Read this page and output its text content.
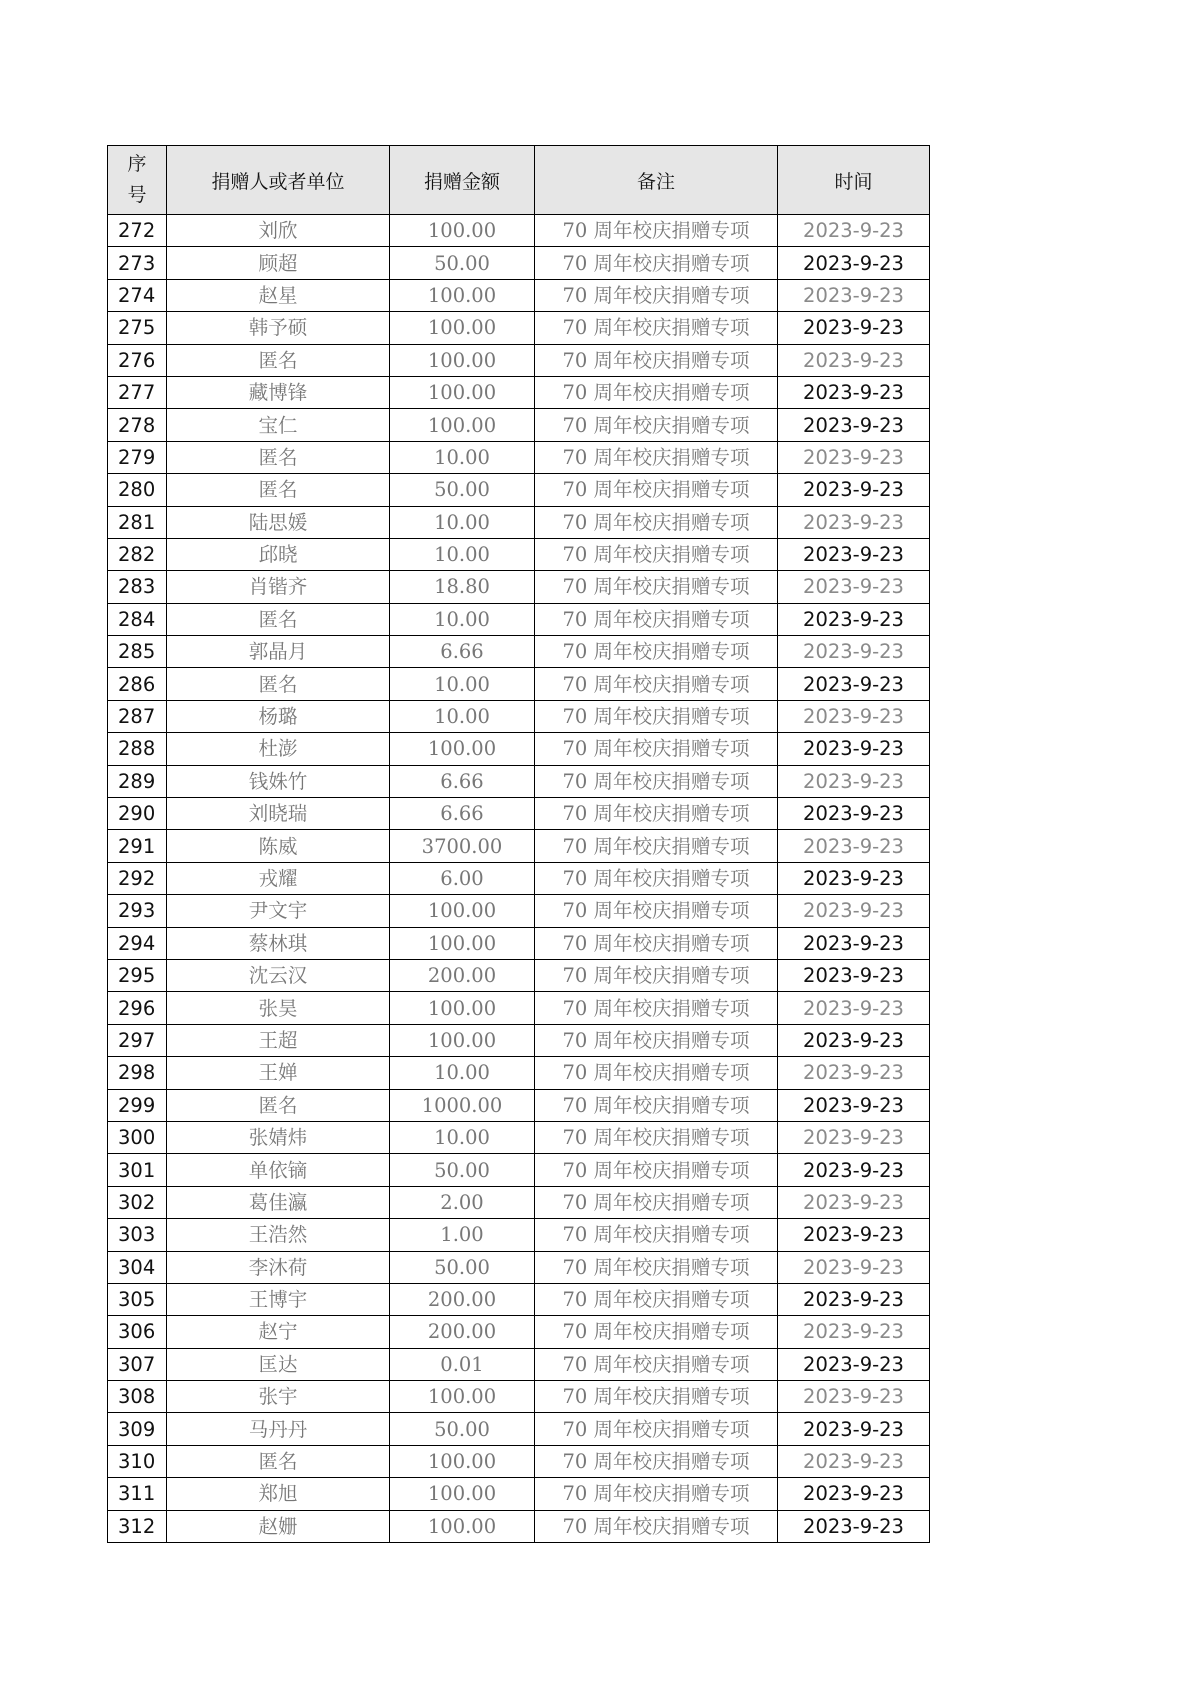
序
号	捐赠人或者单位	捐赠金额	备注	时间
272	刘欣	100.00	70 周年校庆捐赠专项	2023-9-23
273	顾超	50.00	70 周年校庆捐赠专项	2023-9-23
274	赵星	100.00	70 周年校庆捐赠专项	2023-9-23
275	韩予硕	100.00	70 周年校庆捐赠专项	2023-9-23
276	匿名	100.00	70 周年校庆捐赠专项	2023-9-23
277	藏博锋	100.00	70 周年校庆捐赠专项	2023-9-23
278	宝仁	100.00	70 周年校庆捐赠专项	2023-9-23
279	匿名	10.00	70 周年校庆捐赠专项	2023-9-23
280	匿名	50.00	70 周年校庆捐赠专项	2023-9-23
281	陆思媛	10.00	70 周年校庆捐赠专项	2023-9-23
282	邱晓	10.00	70 周年校庆捐赠专项	2023-9-23
283	肖锴齐	18.80	70 周年校庆捐赠专项	2023-9-23
284	匿名	10.00	70 周年校庆捐赠专项	2023-9-23
285	郭晶月	6.66	70 周年校庆捐赠专项	2023-9-23
286	匿名	10.00	70 周年校庆捐赠专项	2023-9-23
287	杨璐	10.00	70 周年校庆捐赠专项	2023-9-23
288	杜澎	100.00	70 周年校庆捐赠专项	2023-9-23
289	钱姝竹	6.66	70 周年校庆捐赠专项	2023-9-23
290	刘晓瑞	6.66	70 周年校庆捐赠专项	2023-9-23
291	陈威	3700.00	70 周年校庆捐赠专项	2023-9-23
292	戎耀	6.00	70 周年校庆捐赠专项	2023-9-23
293	尹文宇	100.00	70 周年校庆捐赠专项	2023-9-23
294	蔡林琪	100.00	70 周年校庆捐赠专项	2023-9-23
295	沈云汉	200.00	70 周年校庆捐赠专项	2023-9-23
296	张昊	100.00	70 周年校庆捐赠专项	2023-9-23
297	王超	100.00	70 周年校庆捐赠专项	2023-9-23
298	王婵	10.00	70 周年校庆捐赠专项	2023-9-23
299	匿名	1000.00	70 周年校庆捐赠专项	2023-9-23
300	张婧炜	10.00	70 周年校庆捐赠专项	2023-9-23
301	单依镝	50.00	70 周年校庆捐赠专项	2023-9-23
302	葛佳瀛	2.00	70 周年校庆捐赠专项	2023-9-23
303	王浩然	1.00	70 周年校庆捐赠专项	2023-9-23
304	李沐荷	50.00	70 周年校庆捐赠专项	2023-9-23
305	王博宇	200.00	70 周年校庆捐赠专项	2023-9-23
306	赵宁	200.00	70 周年校庆捐赠专项	2023-9-23
307	匡达	0.01	70 周年校庆捐赠专项	2023-9-23
308	张宇	100.00	70 周年校庆捐赠专项	2023-9-23
309	马丹丹	50.00	70 周年校庆捐赠专项	2023-9-23
310	匿名	100.00	70 周年校庆捐赠专项	2023-9-23
311	郑旭	100.00	70 周年校庆捐赠专项	2023-9-23
312	赵姗	100.00	70 周年校庆捐赠专项	2023-9-23
